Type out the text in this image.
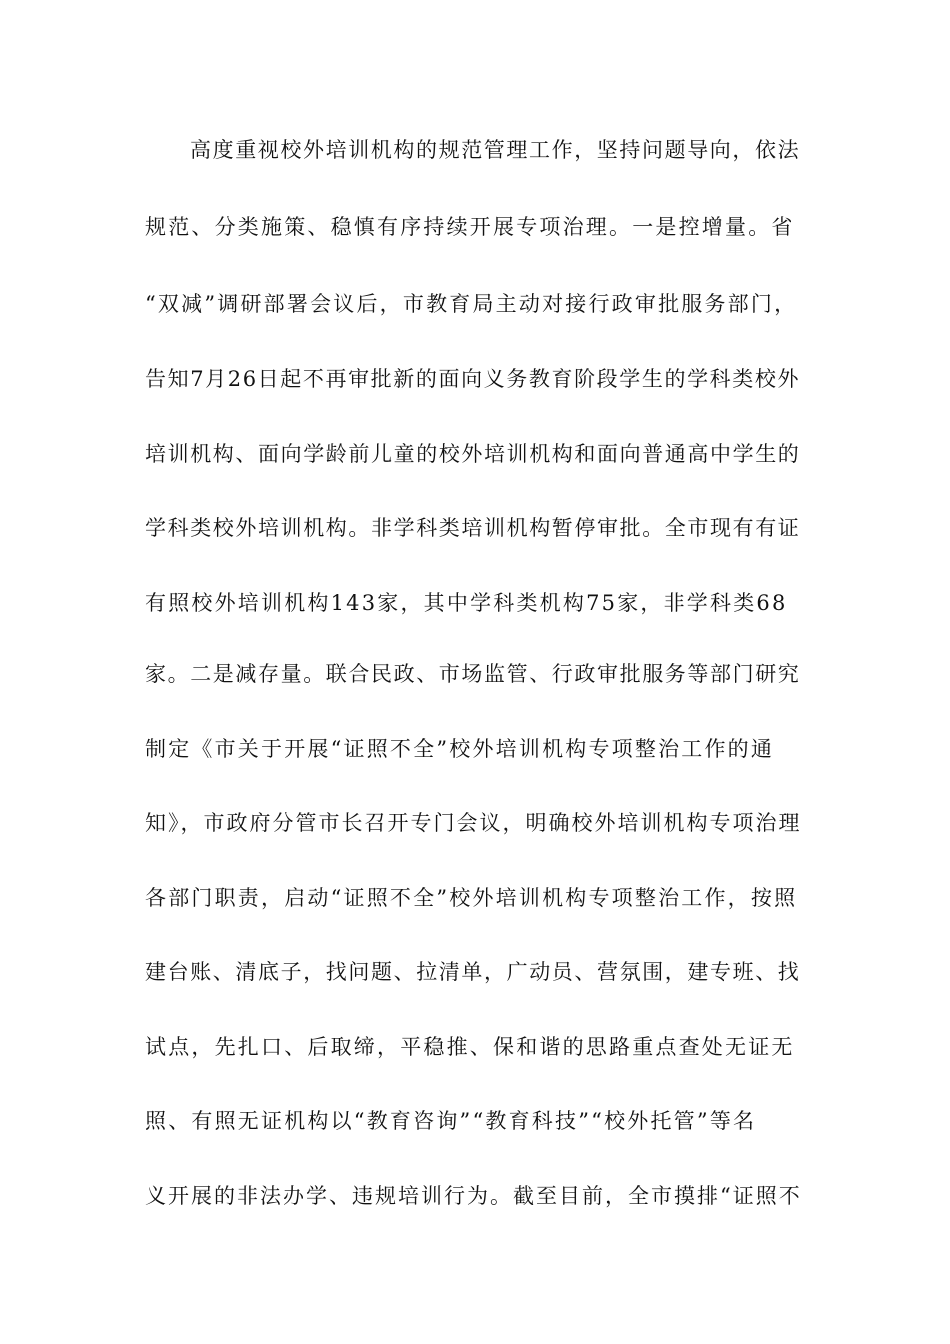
高度重视校外培训机构的规范管理工作，坚持问题导向，依法
规范、分类施策、稳慎有序持续开展专项治理。一是控增量。省
“双减”调研部署会议后，市教育局主动对接行政审批服务部门，
告知7月26日起不再审批新的面向义务教育阶段学生的学科类校外
培训机构、面向学龄前儿童的校外培训机构和面向普通高中学生的
学科类校外培训机构。非学科类培训机构暂停审批。全市现有有证
有照校外培训机构143家，其中学科类机构75家，非学科类68
家。二是减存量。联合民政、市场监管、行政审批服务等部门研究
制定《市关于开展“证照不全”校外培训机构专项整治工作的通
知》，市政府分管市长召开专门会议，明确校外培训机构专项治理
各部门职责，启动“证照不全”校外培训机构专项整治工作，按照
建台账、清底子，找问题、拉清单，广动员、营氛围，建专班、找
试点，先扎口、后取缔，平稳推、保和谐的思路重点查处无证无
照、有照无证机构以“教育咨询”“教育科技”“校外托管”等名
义开展的非法办学、违规培训行为。截至目前，全市摸排“证照不
